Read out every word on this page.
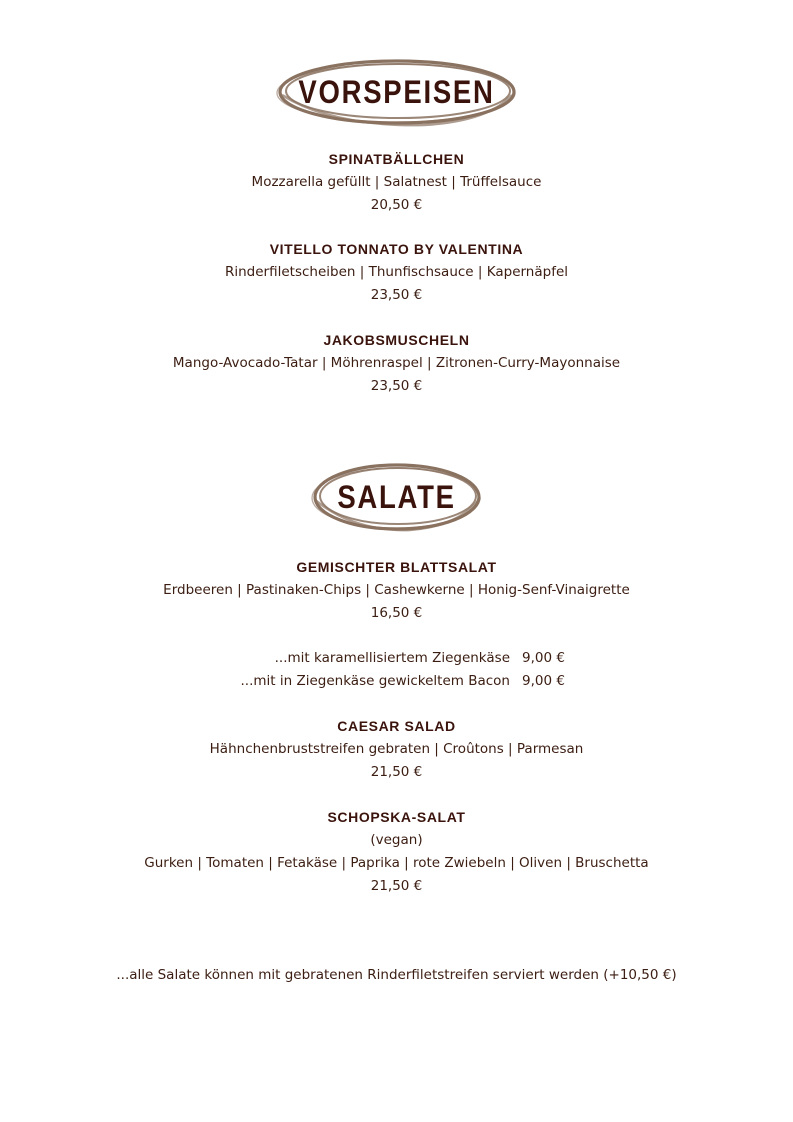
VORSPEISEN
SPINATBÄLLCHEN
Mozzarella gefüllt | Salatnest | Trüffelsauce
20,50 €
VITELLO TONNATO BY VALENTINA
Rinderfiletscheiben | Thunfischsauce | Kapernäpfel
23,50 €
JAKOBSMUSCHELN
Mango-Avocado-Tatar | Möhrenraspel | Zitronen-Curry-Mayonnaise
23,50 €
SALATE
GEMISCHTER BLATTSALAT
Erdbeeren | Pastinaken-Chips | Cashewkerne | Honig-Senf-Vinaigrette
16,50 €
...mit karamellisiertem Ziegenkäse 9,00 €
...mit in Ziegenkäse gewickeltem Bacon 9,00 €
CAESAR SALAD
Hähnchenbruststreifen gebraten | Croûtons | Parmesan
21,50 €
SCHOPSKA-SALAT
(vegan)
Gurken | Tomaten | Fetakäse | Paprika | rote Zwiebeln | Oliven | Bruschetta
21,50 €
...alle Salate können mit gebratenen Rinderfiletstreifen serviert werden (+10,50 €)
